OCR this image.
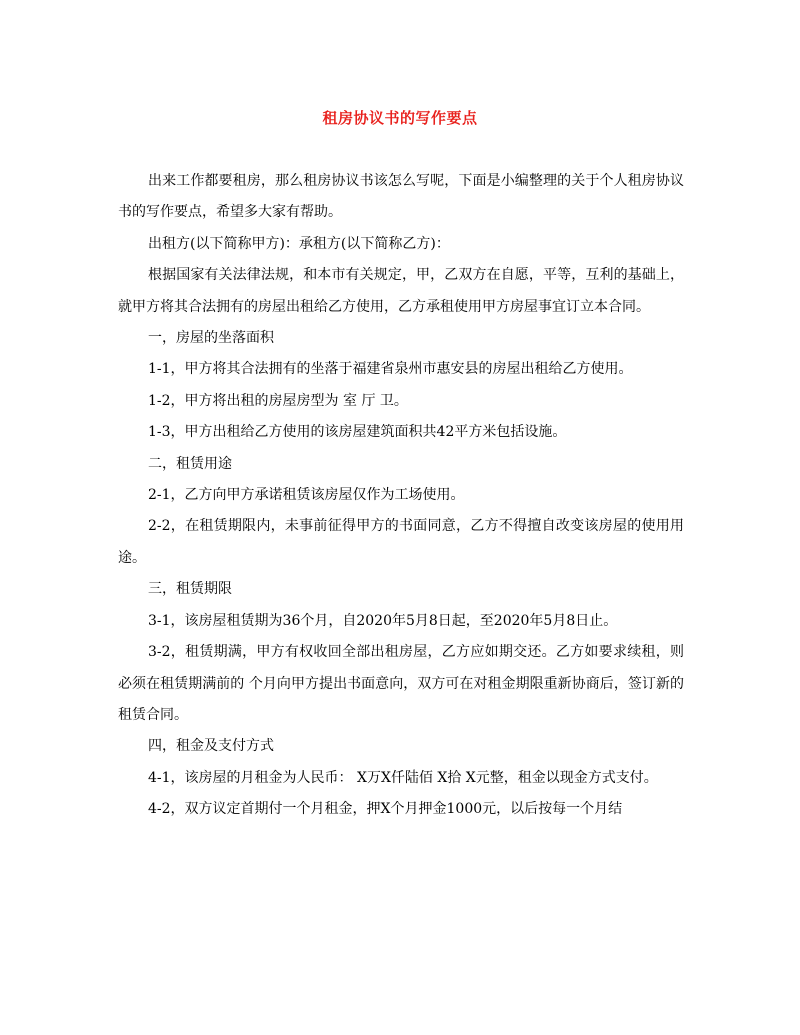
租房协议书的写作要点

出来工作都要租房，那么租房协议书该怎么写呢，下面是小编整理的关于个人租房协议书的写作要点，希望多大家有帮助。

出租方(以下简称甲方)：承租方(以下简称乙方)：

根据国家有关法律法规，和本市有关规定，甲，乙双方在自愿，平等，互利的基础上，就甲方将其合法拥有的房屋出租给乙方使用，乙方承租使用甲方房屋事宜订立本合同。

一，房屋的坐落面积

1-1，甲方将其合法拥有的坐落于福建省泉州市惠安县的房屋出租给乙方使用。

1-2，甲方将出租的房屋房型为 室 厅 卫。

1-3，甲方出租给乙方使用的该房屋建筑面积共42平方米包括设施。

二，租赁用途

2-1，乙方向甲方承诺租赁该房屋仅作为工场使用。

2-2，在租赁期限内，未事前征得甲方的书面同意，乙方不得擅自改变该房屋的使用用途。

三，租赁期限

3-1，该房屋租赁期为36个月，自2020年5月8日起，至2020年5月8日止。

3-2，租赁期满，甲方有权收回全部出租房屋，乙方应如期交还。乙方如要求续租，则必须在租赁期满前的 个月向甲方提出书面意向，双方可在对租金期限重新协商后，签订新的租赁合同。

四，租金及支付方式

4-1，该房屋的月租金为人民币： X万X仟陆佰 X拾 X元整，租金以现金方式支付。

4-2，双方议定首期付一个月租金，押X个月押金1000元，以后按每一个月结
